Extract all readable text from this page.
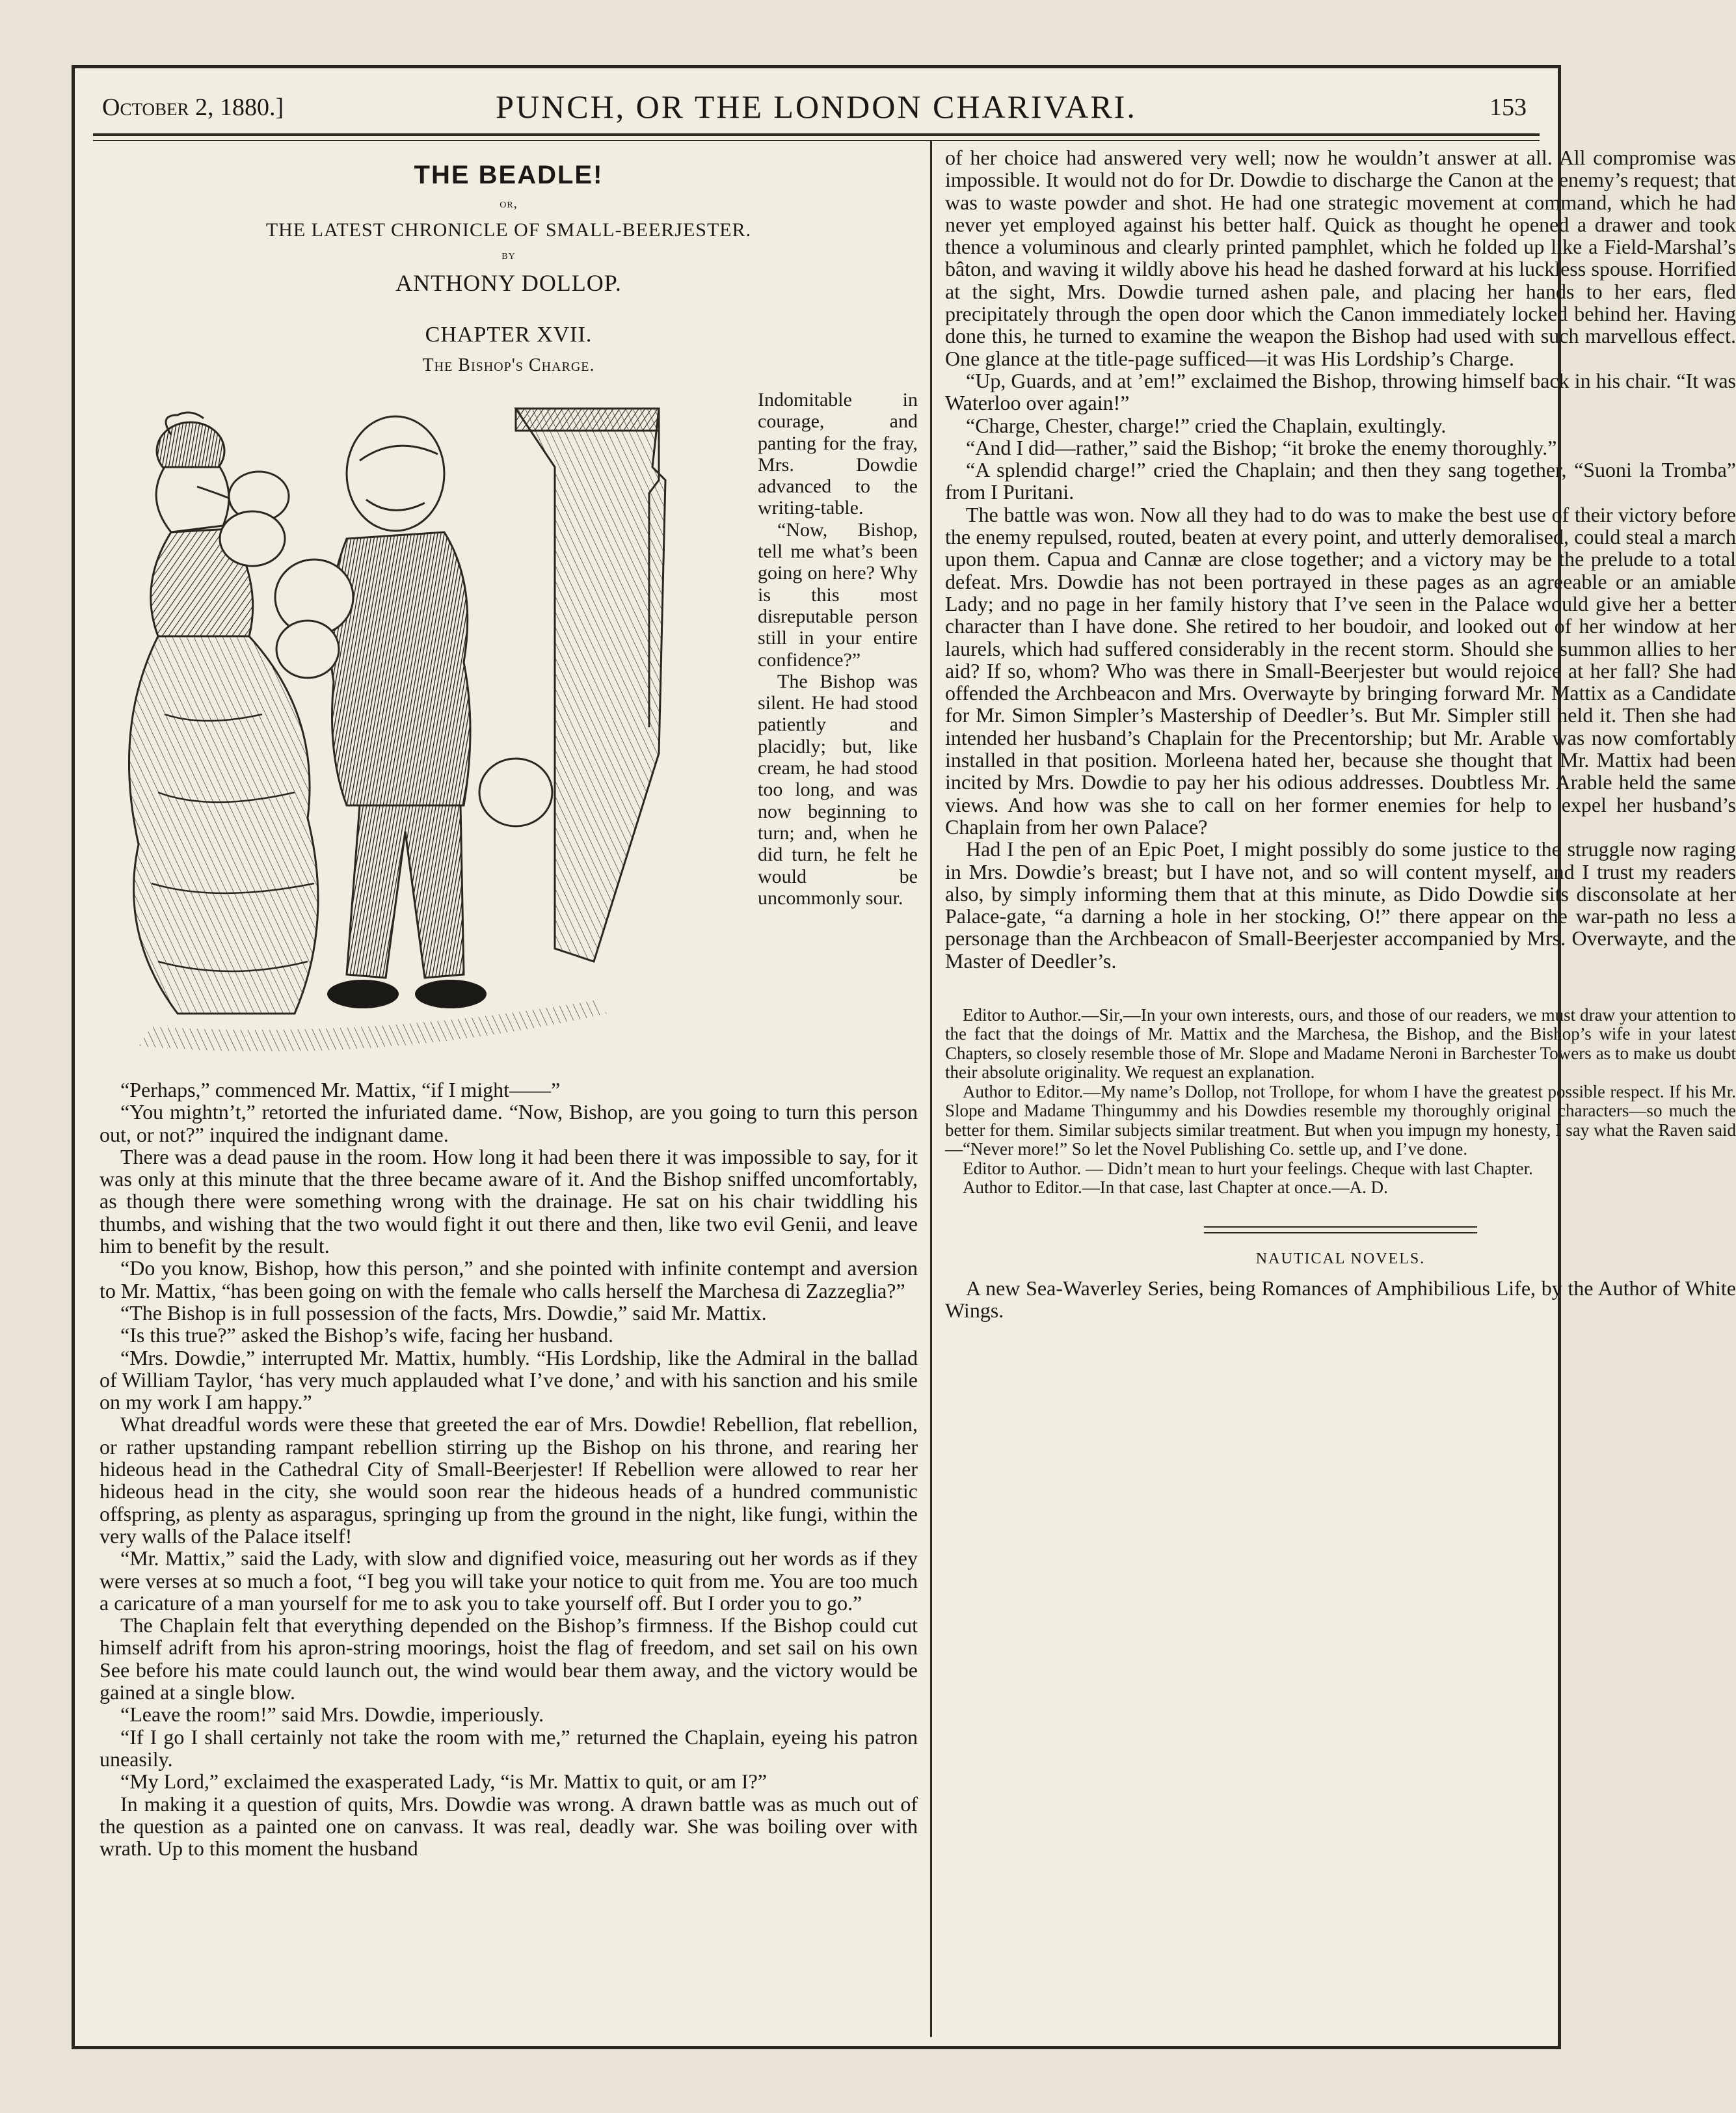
October 2, 1880.]	PUNCH, OR THE LONDON CHARIVARI.	153
THE BEADLE!
or,
THE LATEST CHRONICLE OF SMALL-BEERJESTER.
by
ANTHONY DOLLOP.
CHAPTER XVII.
The Bishop's Charge.

Indomitable in courage, and panting for the fray, Mrs. Dowdie advanced to the writing-table.

“Now, Bishop, tell me what’s been going on here? Why is this most disreputable person still in your entire confidence?”

The Bishop was silent. He had stood patiently and placidly; but, like cream, he had stood too long, and was now beginning to turn; and, when he did turn, he felt he would be uncommonly sour.

“Perhaps,” commenced Mr. Mattix, “if I might——”

“You mightn’t,” retorted the infuriated dame. “Now, Bishop, are you going to turn this person out, or not?” inquired the indignant dame.

There was a dead pause in the room. How long it had been there it was impossible to say, for it was only at this minute that the three became aware of it. And the Bishop sniffed uncomfortably, as though there were something wrong with the drainage. He sat on his chair twiddling his thumbs, and wishing that the two would fight it out there and then, like two evil Genii, and leave him to benefit by the result.

“Do you know, Bishop, how this person,” and she pointed with infinite contempt and aversion to Mr. Mattix, “has been going on with the female who calls herself the Marchesa di Zazzeglia?”

“The Bishop is in full possession of the facts, Mrs. Dowdie,” said Mr. Mattix.

“Is this true?” asked the Bishop’s wife, facing her husband.

“Mrs. Dowdie,” interrupted Mr. Mattix, humbly. “His Lordship, like the Admiral in the ballad of William Taylor, ‘has very much applauded what I’ve done,’ and with his sanction and his smile on my work I am happy.”

What dreadful words were these that greeted the ear of Mrs. Dowdie! Rebellion, flat rebellion, or rather upstanding rampant rebellion stirring up the Bishop on his throne, and rearing her hideous head in the Cathedral City of Small-Beerjester! If Rebellion were allowed to rear her hideous head in the city, she would soon rear the hideous heads of a hundred communistic offspring, as plenty as asparagus, springing up from the ground in the night, like fungi, within the very walls of the Palace itself!

“Mr. Mattix,” said the Lady, with slow and dignified voice, measuring out her words as if they were verses at so much a foot, “I beg you will take your notice to quit from me. You are too much a caricature of a man yourself for me to ask you to take yourself off. But I order you to go.”

The Chaplain felt that everything depended on the Bishop’s firmness. If the Bishop could cut himself adrift from his apron-string moorings, hoist the flag of freedom, and set sail on his own See before his mate could launch out, the wind would bear them away, and the victory would be gained at a single blow.

“Leave the room!” said Mrs. Dowdie, imperiously.

“If I go I shall certainly not take the room with me,” returned the Chaplain, eyeing his patron uneasily.

“My Lord,” exclaimed the exasperated Lady, “is Mr. Mattix to quit, or am I?”

In making it a question of quits, Mrs. Dowdie was wrong. A drawn battle was as much out of the question as a painted one on canvass. It was real, deadly war. She was boiling over with wrath. Up to this moment the husband

of her choice had answered very well; now he wouldn’t answer at all. All compromise was impossible. It would not do for Dr. Dowdie to discharge the Canon at the enemy’s request; that was to waste powder and shot. He had one strategic movement at command, which he had never yet employed against his better half. Quick as thought he opened a drawer and took thence a voluminous and clearly printed pamphlet, which he folded up like a Field-Marshal’s bâton, and waving it wildly above his head he dashed forward at his luckless spouse. Horrified at the sight, Mrs. Dowdie turned ashen pale, and placing her hands to her ears, fled precipitately through the open door which the Canon immediately locked behind her. Having done this, he turned to examine the weapon the Bishop had used with such marvellous effect. One glance at the title-page sufficed—it was His Lordship’s Charge.

“Up, Guards, and at ’em!” exclaimed the Bishop, throwing himself back in his chair. “It was Waterloo over again!”

“Charge, Chester, charge!” cried the Chaplain, exultingly.

“And I did—rather,” said the Bishop; “it broke the enemy thoroughly.”

“A splendid charge!” cried the Chaplain; and then they sang together, “Suoni la Tromba” from I Puritani.

The battle was won. Now all they had to do was to make the best use of their victory before the enemy repulsed, routed, beaten at every point, and utterly demoralised, could steal a march upon them. Capua and Cannæ are close together; and a victory may be the prelude to a total defeat. Mrs. Dowdie has not been portrayed in these pages as an agreeable or an amiable Lady; and no page in her family history that I’ve seen in the Palace would give her a better character than I have done. She retired to her boudoir, and looked out of her window at her laurels, which had suffered considerably in the recent storm. Should she summon allies to her aid? If so, whom? Who was there in Small-Beerjester but would rejoice at her fall? She had offended the Archbeacon and Mrs. Overwayte by bringing forward Mr. Mattix as a Candidate for Mr. Simon Simpler’s Mastership of Deedler’s. But Mr. Simpler still held it. Then she had intended her husband’s Chaplain for the Precentorship; but Mr. Arable was now comfortably installed in that position. Morleena hated her, because she thought that Mr. Mattix had been incited by Mrs. Dowdie to pay her his odious addresses. Doubtless Mr. Arable held the same views. And how was she to call on her former enemies for help to expel her husband’s Chaplain from her own Palace?

Had I the pen of an Epic Poet, I might possibly do some justice to the struggle now raging in Mrs. Dowdie’s breast; but I have not, and so will content myself, and I trust my readers also, by simply informing them that at this minute, as Dido Dowdie sits disconsolate at her Palace-gate, “a darning a hole in her stocking, O!” there appear on the war-path no less a personage than the Archbeacon of Small-Beerjester accompanied by Mrs. Overwayte, and the Master of Deedler’s.

Editor to Author.—Sir,—In your own interests, ours, and those of our readers, we must draw your attention to the fact that the doings of Mr. Mattix and the Marchesa, the Bishop, and the Bishop’s wife in your latest Chapters, so closely resemble those of Mr. Slope and Madame Neroni in Barchester Towers as to make us doubt their absolute originality. We request an explanation.

Author to Editor.—My name’s Dollop, not Trollope, for whom I have the greatest possible respect. If his Mr. Slope and Madame Thingummy and his Dowdies resemble my thoroughly original characters—so much the better for them. Similar subjects similar treatment. But when you impugn my honesty, I say what the Raven said—“Never more!” So let the Novel Publishing Co. settle up, and I’ve done.

Editor to Author. — Didn’t mean to hurt your feelings. Cheque with last Chapter.

Author to Editor.—In that case, last Chapter at once.—A. D.

NAUTICAL NOVELS.
A new Sea-Waverley Series, being Romances of Amphibilious Life, by the Author of White Wings.
